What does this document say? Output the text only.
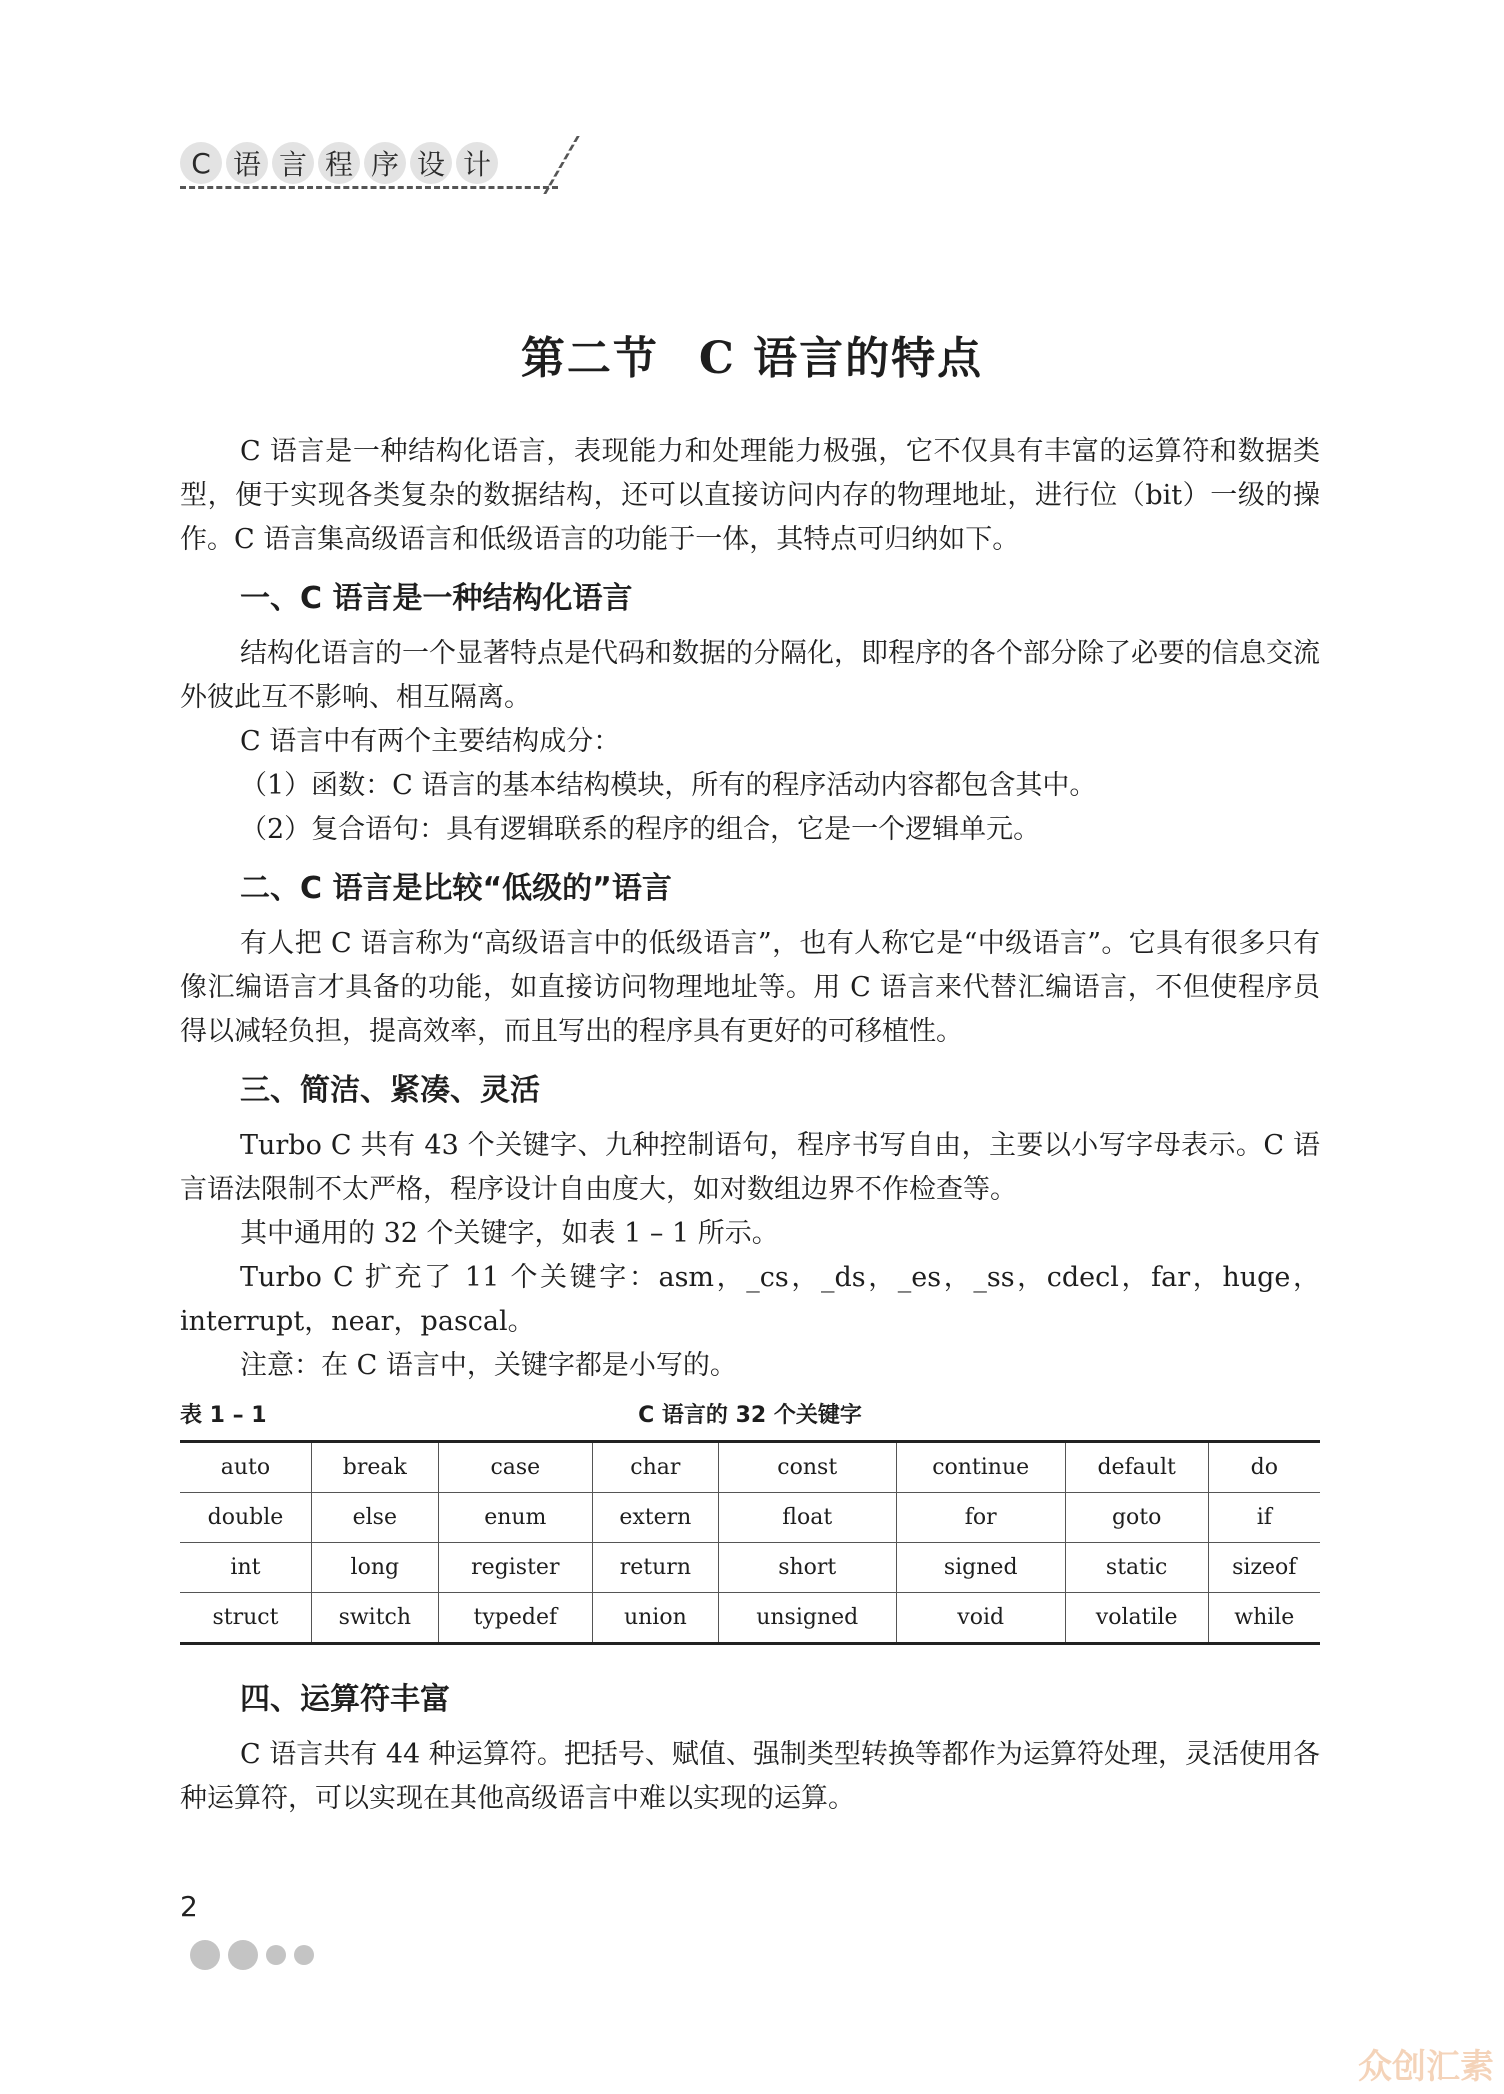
C 语 言 程 序 设 计
第二节 C 语言的特点

C 语言是一种结构化语言，表现能力和处理能力极强，它不仅具有丰富的运算符和数据类型，便于实现各类复杂的数据结构，还可以直接访问内存的物理地址，进行位（bit）一级的操作。C 语言集高级语言和低级语言的功能于一体，其特点可归纳如下。

一、C 语言是一种结构化语言

结构化语言的一个显著特点是代码和数据的分隔化，即程序的各个部分除了必要的信息交流外彼此互不影响、相互隔离。

C 语言中有两个主要结构成分：

（1）函数：C 语言的基本结构模块，所有的程序活动内容都包含其中。

（2）复合语句：具有逻辑联系的程序的组合，它是一个逻辑单元。

二、C 语言是比较“低级的”语言

有人把 C 语言称为“高级语言中的低级语言”，也有人称它是“中级语言”。它具有很多只有像汇编语言才具备的功能，如直接访问物理地址等。用 C 语言来代替汇编语言，不但使程序员得以减轻负担，提高效率，而且写出的程序具有更好的可移植性。

三、简洁、紧凑、灵活

Turbo C 共有 43 个关键字、九种控制语句，程序书写自由，主要以小写字母表示。C 语言语法限制不太严格，程序设计自由度大，如对数组边界不作检查等。

其中通用的 32 个关键字，如表 1 – 1 所示。

Turbo C 扩充了 11 个关键字：asm，_cs，_ds，_es，_ss，cdecl，far，huge，interrupt，near，pascal。

注意：在 C 语言中，关键字都是小写的。

C 语言的 32 个关键字
表 1 – 1
auto	break	case	char	const	continue	default	do
double	else	enum	extern	float	for	goto	if
int	long	register	return	short	signed	static	sizeof
struct	switch	typedef	union	unsigned	void	volatile	while
四、运算符丰富

C 语言共有 44 种运算符。把括号、赋值、强制类型转换等都作为运算符处理，灵活使用各种运算符，可以实现在其他高级语言中难以实现的运算。

2
众创汇素
